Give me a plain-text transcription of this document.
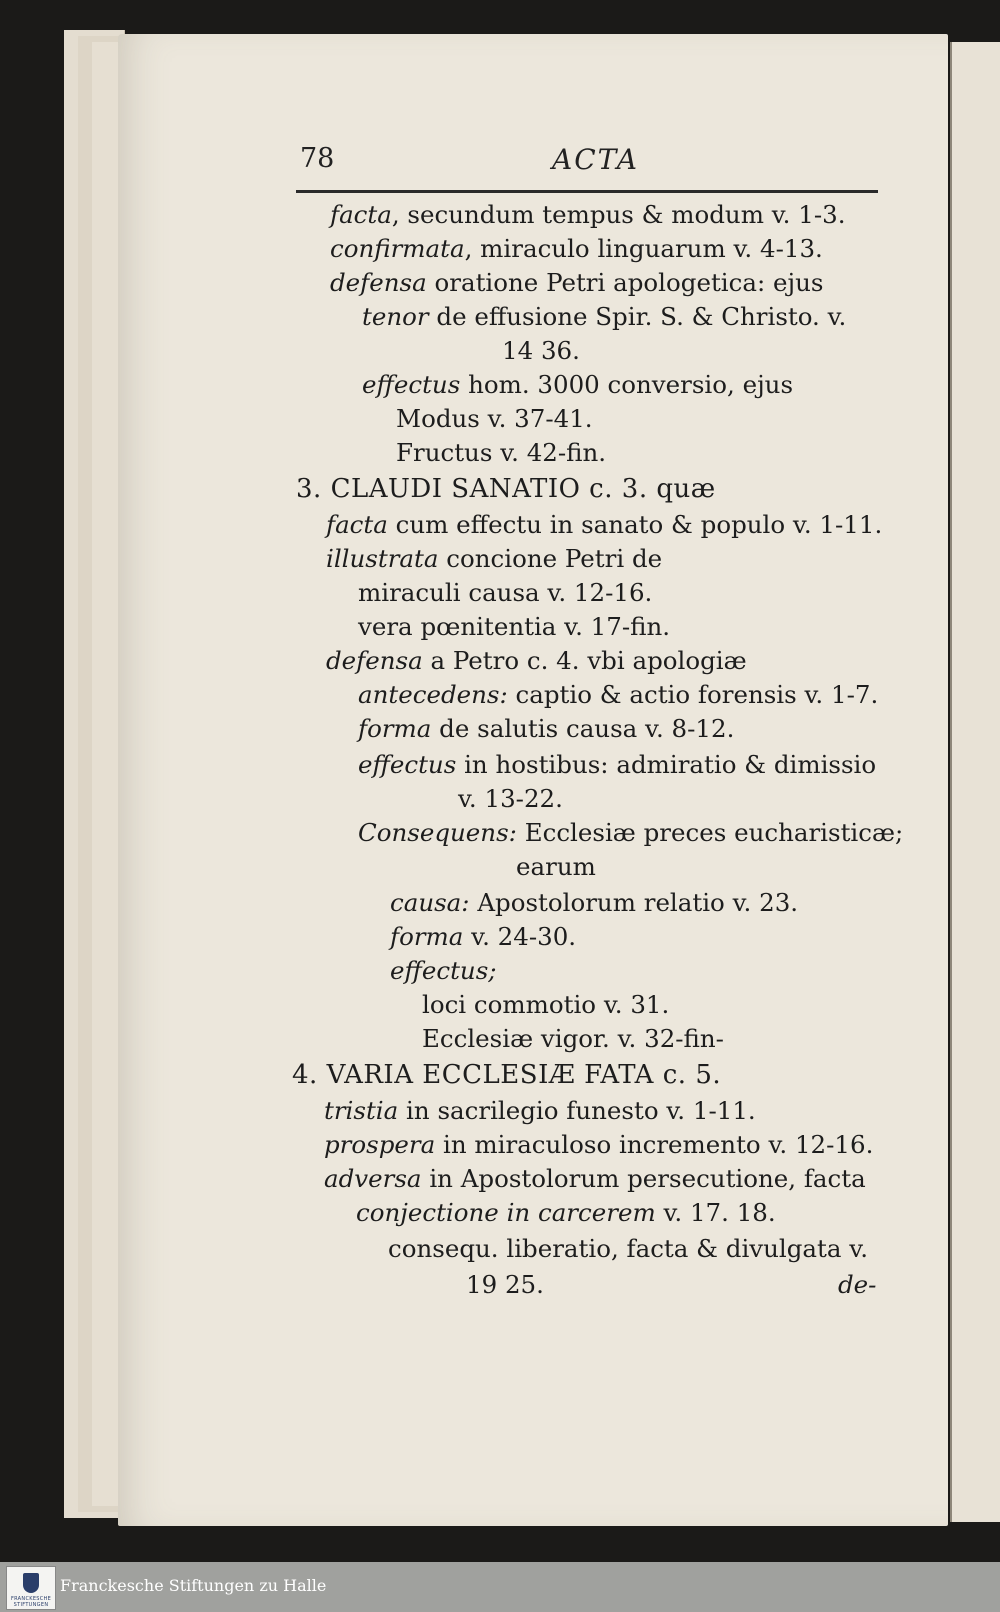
78	ACTA
facta, secundum tempus & modum v. 1-3.
confirmata, miraculo linguarum v. 4-13.
defensa oratione Petri apologetica: ejus
tenor de effusione Spir. S. & Christo. v.
14 36.
effectus hom. 3000 conversio, ejus
Modus v. 37-41.
Fructus v. 42-fin.
3. CLAUDI SANATIO c. 3. quæ
facta cum effectu in sanato & populo v. 1-11.
illustrata concione Petri de
miraculi causa v. 12-16.
vera pœnitentia v. 17-fin.
defensa a Petro c. 4. vbi apologiæ
antecedens: captio & actio forensis v. 1-7.
forma de salutis causa v. 8-12.
effectus in hostibus: admiratio & dimissio
v. 13-22.
Consequens: Ecclesiæ preces eucharisticæ;
earum
causa: Apostolorum relatio v. 23.
forma v. 24-30.
effectus;
loci commotio v. 31.
Ecclesiæ vigor. v. 32-fin-
4. VARIA ECCLESIÆ FATA c. 5.
tristia in sacrilegio funesto v. 1-11.
prospera in miraculoso incremento v. 12-16.
adversa in Apostolorum persecutione, facta
conjectione in carcerem v. 17. 18.
consequ. liberatio, facta & divulgata v.
19 25.	de-
FRANCKESCHE STIFTUNGEN
Franckesche Stiftungen zu Halle
